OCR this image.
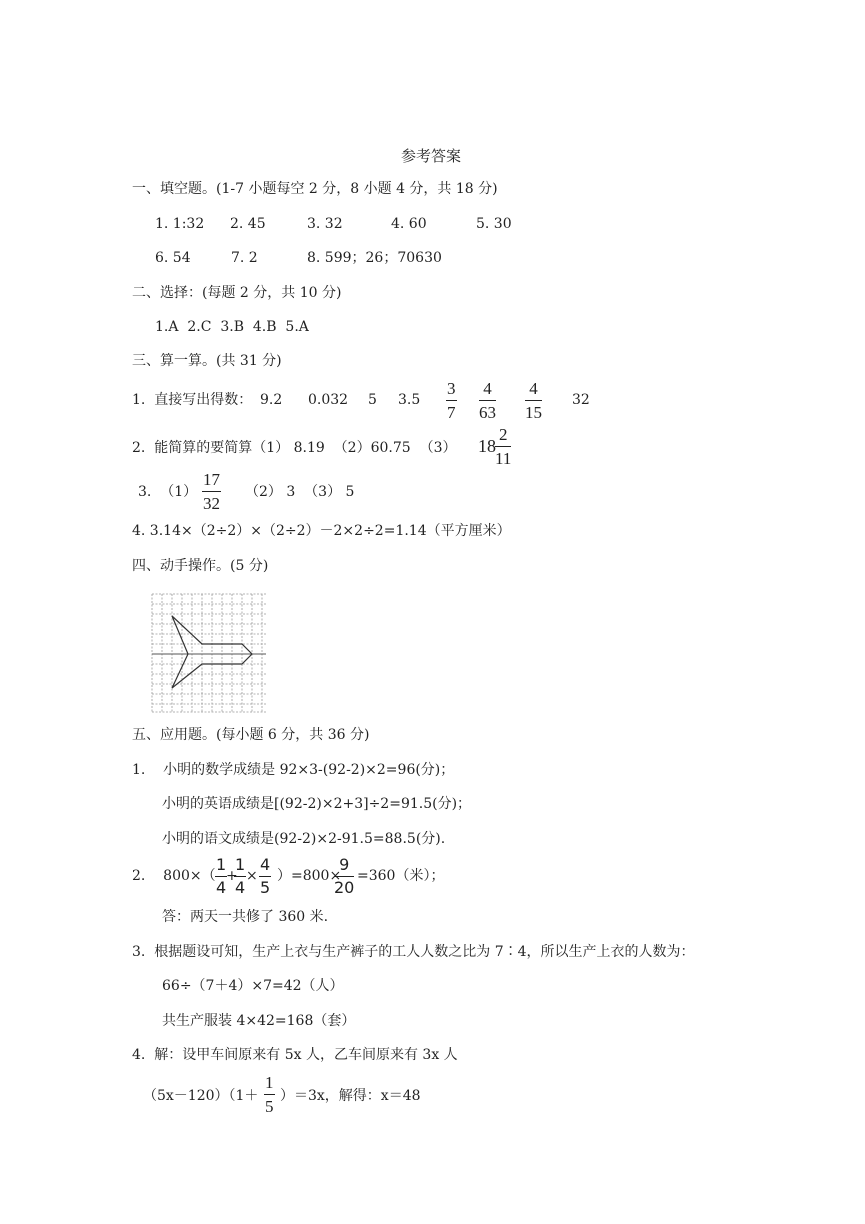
参考答案
一、填空题。(1-7 小题每空 2 分，8 小题 4 分，共 18 分)
1. 1:32 2. 45	3. 32	4. 60	5. 30
6. 54	7. 2	8. 599；26；70630
二、选择：(每题 2 分，共 10 分)
1.A  2.C  3.B  4.B  5.A
三、算一算。(共 31 分)
1.  直接写出得数： 9.2 0.032 5 3.5
3
7
4
63
4
15
32
2.  能简算的要简算（1） 8.19  （2）60.75  （3） 18
2
11
3.  （1）
17
32
（2） 3  （3） 5
4. 3.14×（2÷2）×（2÷2）－2×2÷2=1.14（平方厘米）
四、动手操作。(5 分)
五、应用题。(每小题 6 分，共 36 分)
1.    小明的数学成绩是 92×3-(92-2)×2=96(分)；
小明的英语成绩是[(92-2)×2+3]÷2=91.5(分)；
小明的语文成绩是(92-2)×2-91.5=88.5(分).
2.    800×（
1
4
+
1
4
×
4
5
）=800×
9
20
=360（米）；
答：两天一共修了 360 米.
3.  根据题设可知，生产上衣与生产裤子的工人人数之比为 7∶4，所以生产上衣的人数为：
66÷（7＋4）×7=42（人）
共生产服装 4×42=168（套）
4.  解：设甲车间原来有 5x 人，乙车间原来有 3x 人
（5x－120）（1＋
1
5
）＝3x，解得：x＝48
